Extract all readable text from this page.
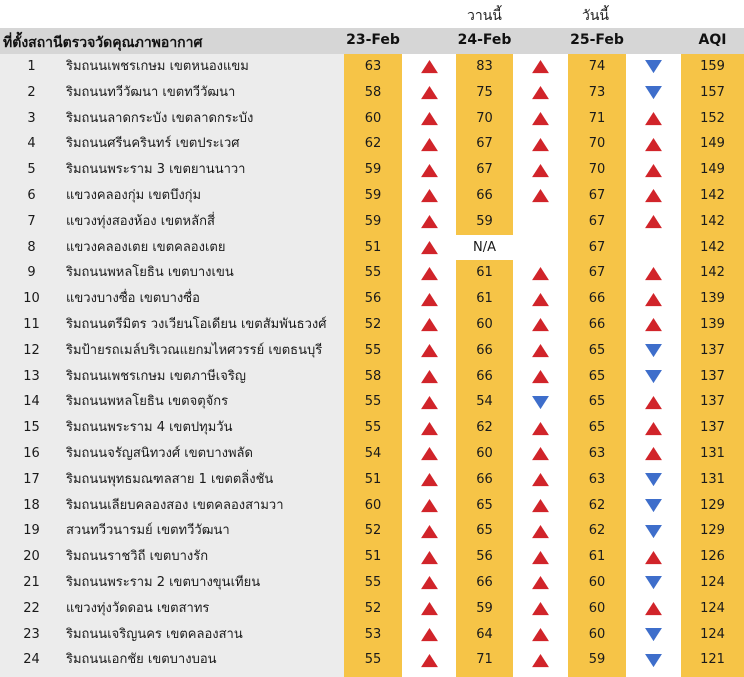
วานนี้	วันนี้
ที่ตั้งสถานีตรวจวัดคุณภาพอากาศ	23-Feb	24-Feb	25-Feb	AQI
1	ริมถนนเพชรเกษม เขตหนองแขม	63	83	74	159
2	ริมถนนทวีวัฒนา เขตทวีวัฒนา	58	75	73	157
3	ริมถนนลาดกระบัง เขตลาดกระบัง	60	70	71	152
4	ริมถนนศรีนครินทร์ เขตประเวศ	62	67	70	149
5	ริมถนนพระราม 3 เขตยานนาวา	59	67	70	149
6	แขวงคลองกุ่ม เขตบึงกุ่ม	59	66	67	142
7	แขวงทุ่งสองห้อง เขตหลักสี่	59	59	67	142
8	แขวงคลองเตย เขตคลองเตย	51	N/A	67	142
9	ริมถนนพหลโยธิน เขตบางเขน	55	61	67	142
10	แขวงบางซื่อ เขตบางซื่อ	56	61	66	139
11	ริมถนนตรีมิตร วงเวียนโอเดียน เขตสัมพันธวงศ์	52	60	66	139
12	ริมป้ายรถเมล์บริเวณแยกมไหศวรรย์ เขตธนบุรี	55	66	65	137
13	ริมถนนเพชรเกษม เขตภาษีเจริญ	58	66	65	137
14	ริมถนนพหลโยธิน เขตจตุจักร	55	54	65	137
15	ริมถนนพระราม 4 เขตปทุมวัน	55	62	65	137
16	ริมถนนจรัญสนิทวงศ์ เขตบางพลัด	54	60	63	131
17	ริมถนนพุทธมณฑลสาย 1 เขตตลิ่งชัน	51	66	63	131
18	ริมถนนเลียบคลองสอง เขตคลองสามวา	60	65	62	129
19	สวนทวีวนารมย์ เขตทวีวัฒนา	52	65	62	129
20	ริมถนนราชวิถี เขตบางรัก	51	56	61	126
21	ริมถนนพระราม 2 เขตบางขุนเทียน	55	66	60	124
22	แขวงทุ่งวัดดอน เขตสาทร	52	59	60	124
23	ริมถนนเจริญนคร เขตคลองสาน	53	64	60	124
24	ริมถนนเอกชัย เขตบางบอน	55	71	59	121
